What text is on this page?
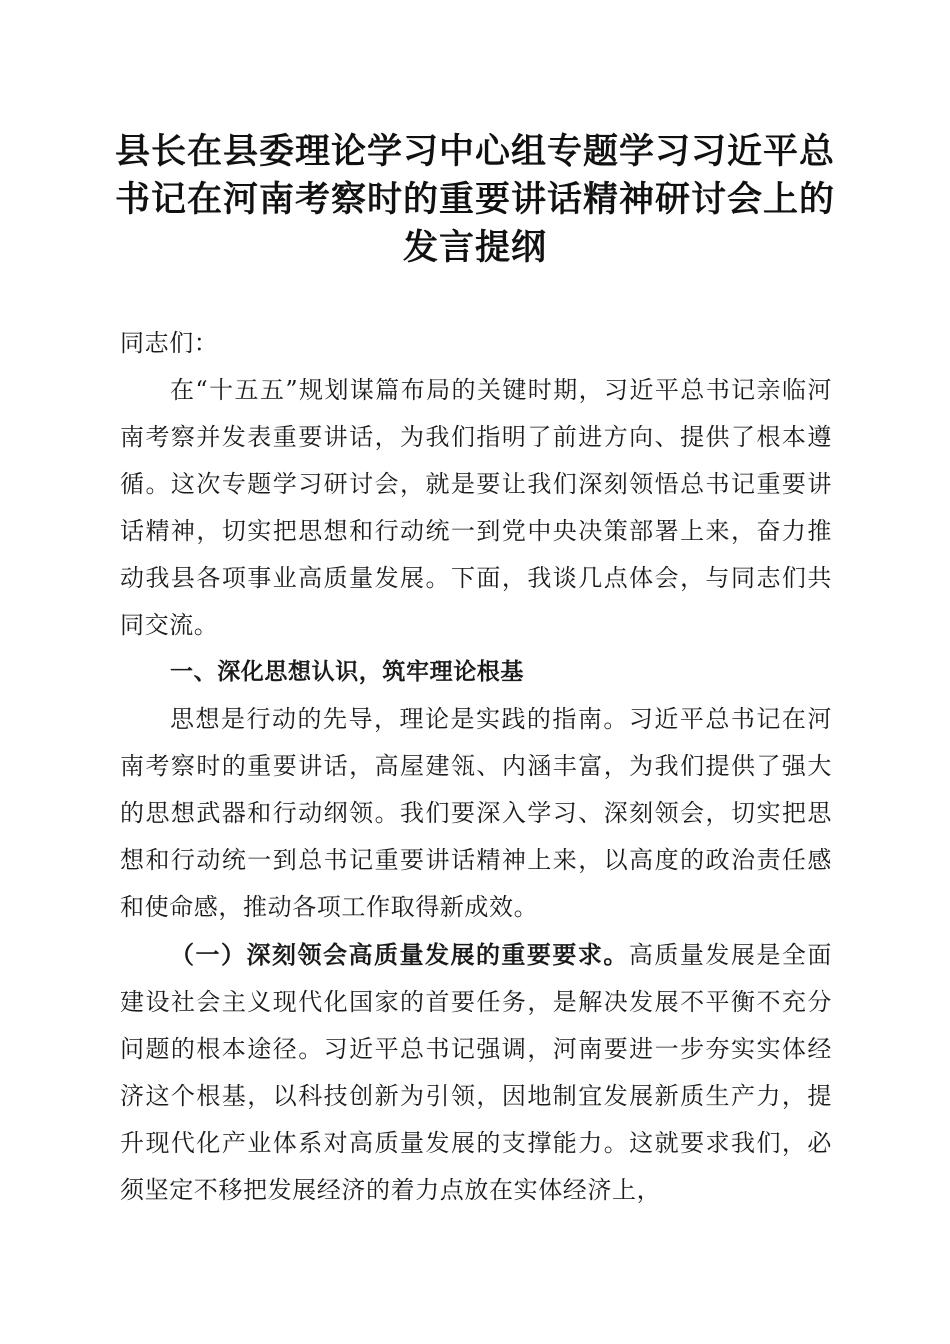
县长在县委理论学习中心组专题学习习近平总书记在河南考察时的重要讲话精神研讨会上的发言提纲

同志们：

在“十五五”规划谋篇布局的关键时期，习近平总书记亲临河南考察并发表重要讲话，为我们指明了前进方向、提供了根本遵循。这次专题学习研讨会，就是要让我们深刻领悟总书记重要讲话精神，切实把思想和行动统一到党中央决策部署上来，奋力推动我县各项事业高质量发展。下面，我谈几点体会，与同志们共同交流。

一、深化思想认识，筑牢理论根基

思想是行动的先导，理论是实践的指南。习近平总书记在河南考察时的重要讲话，高屋建瓴、内涵丰富，为我们提供了强大的思想武器和行动纲领。我们要深入学习、深刻领会，切实把思想和行动统一到总书记重要讲话精神上来，以高度的政治责任感和使命感，推动各项工作取得新成效。

（一）深刻领会高质量发展的重要要求。高质量发展是全面建设社会主义现代化国家的首要任务，是解决发展不平衡不充分问题的根本途径。习近平总书记强调，河南要进一步夯实实体经济这个根基，以科技创新为引领，因地制宜发展新质生产力，提升现代化产业体系对高质量发展的支撑能力。这就要求我们，必须坚定不移把发展经济的着力点放在实体经济上，
